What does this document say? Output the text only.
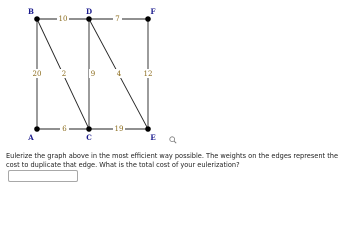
10	7
20	2	9	4	12
6	19
B	D	F
A	C	E
Eulerize the graph above in the most efficient way possible. The weights on the edges represent the cost to duplicate that edge. What is the total cost of your eulerization?
